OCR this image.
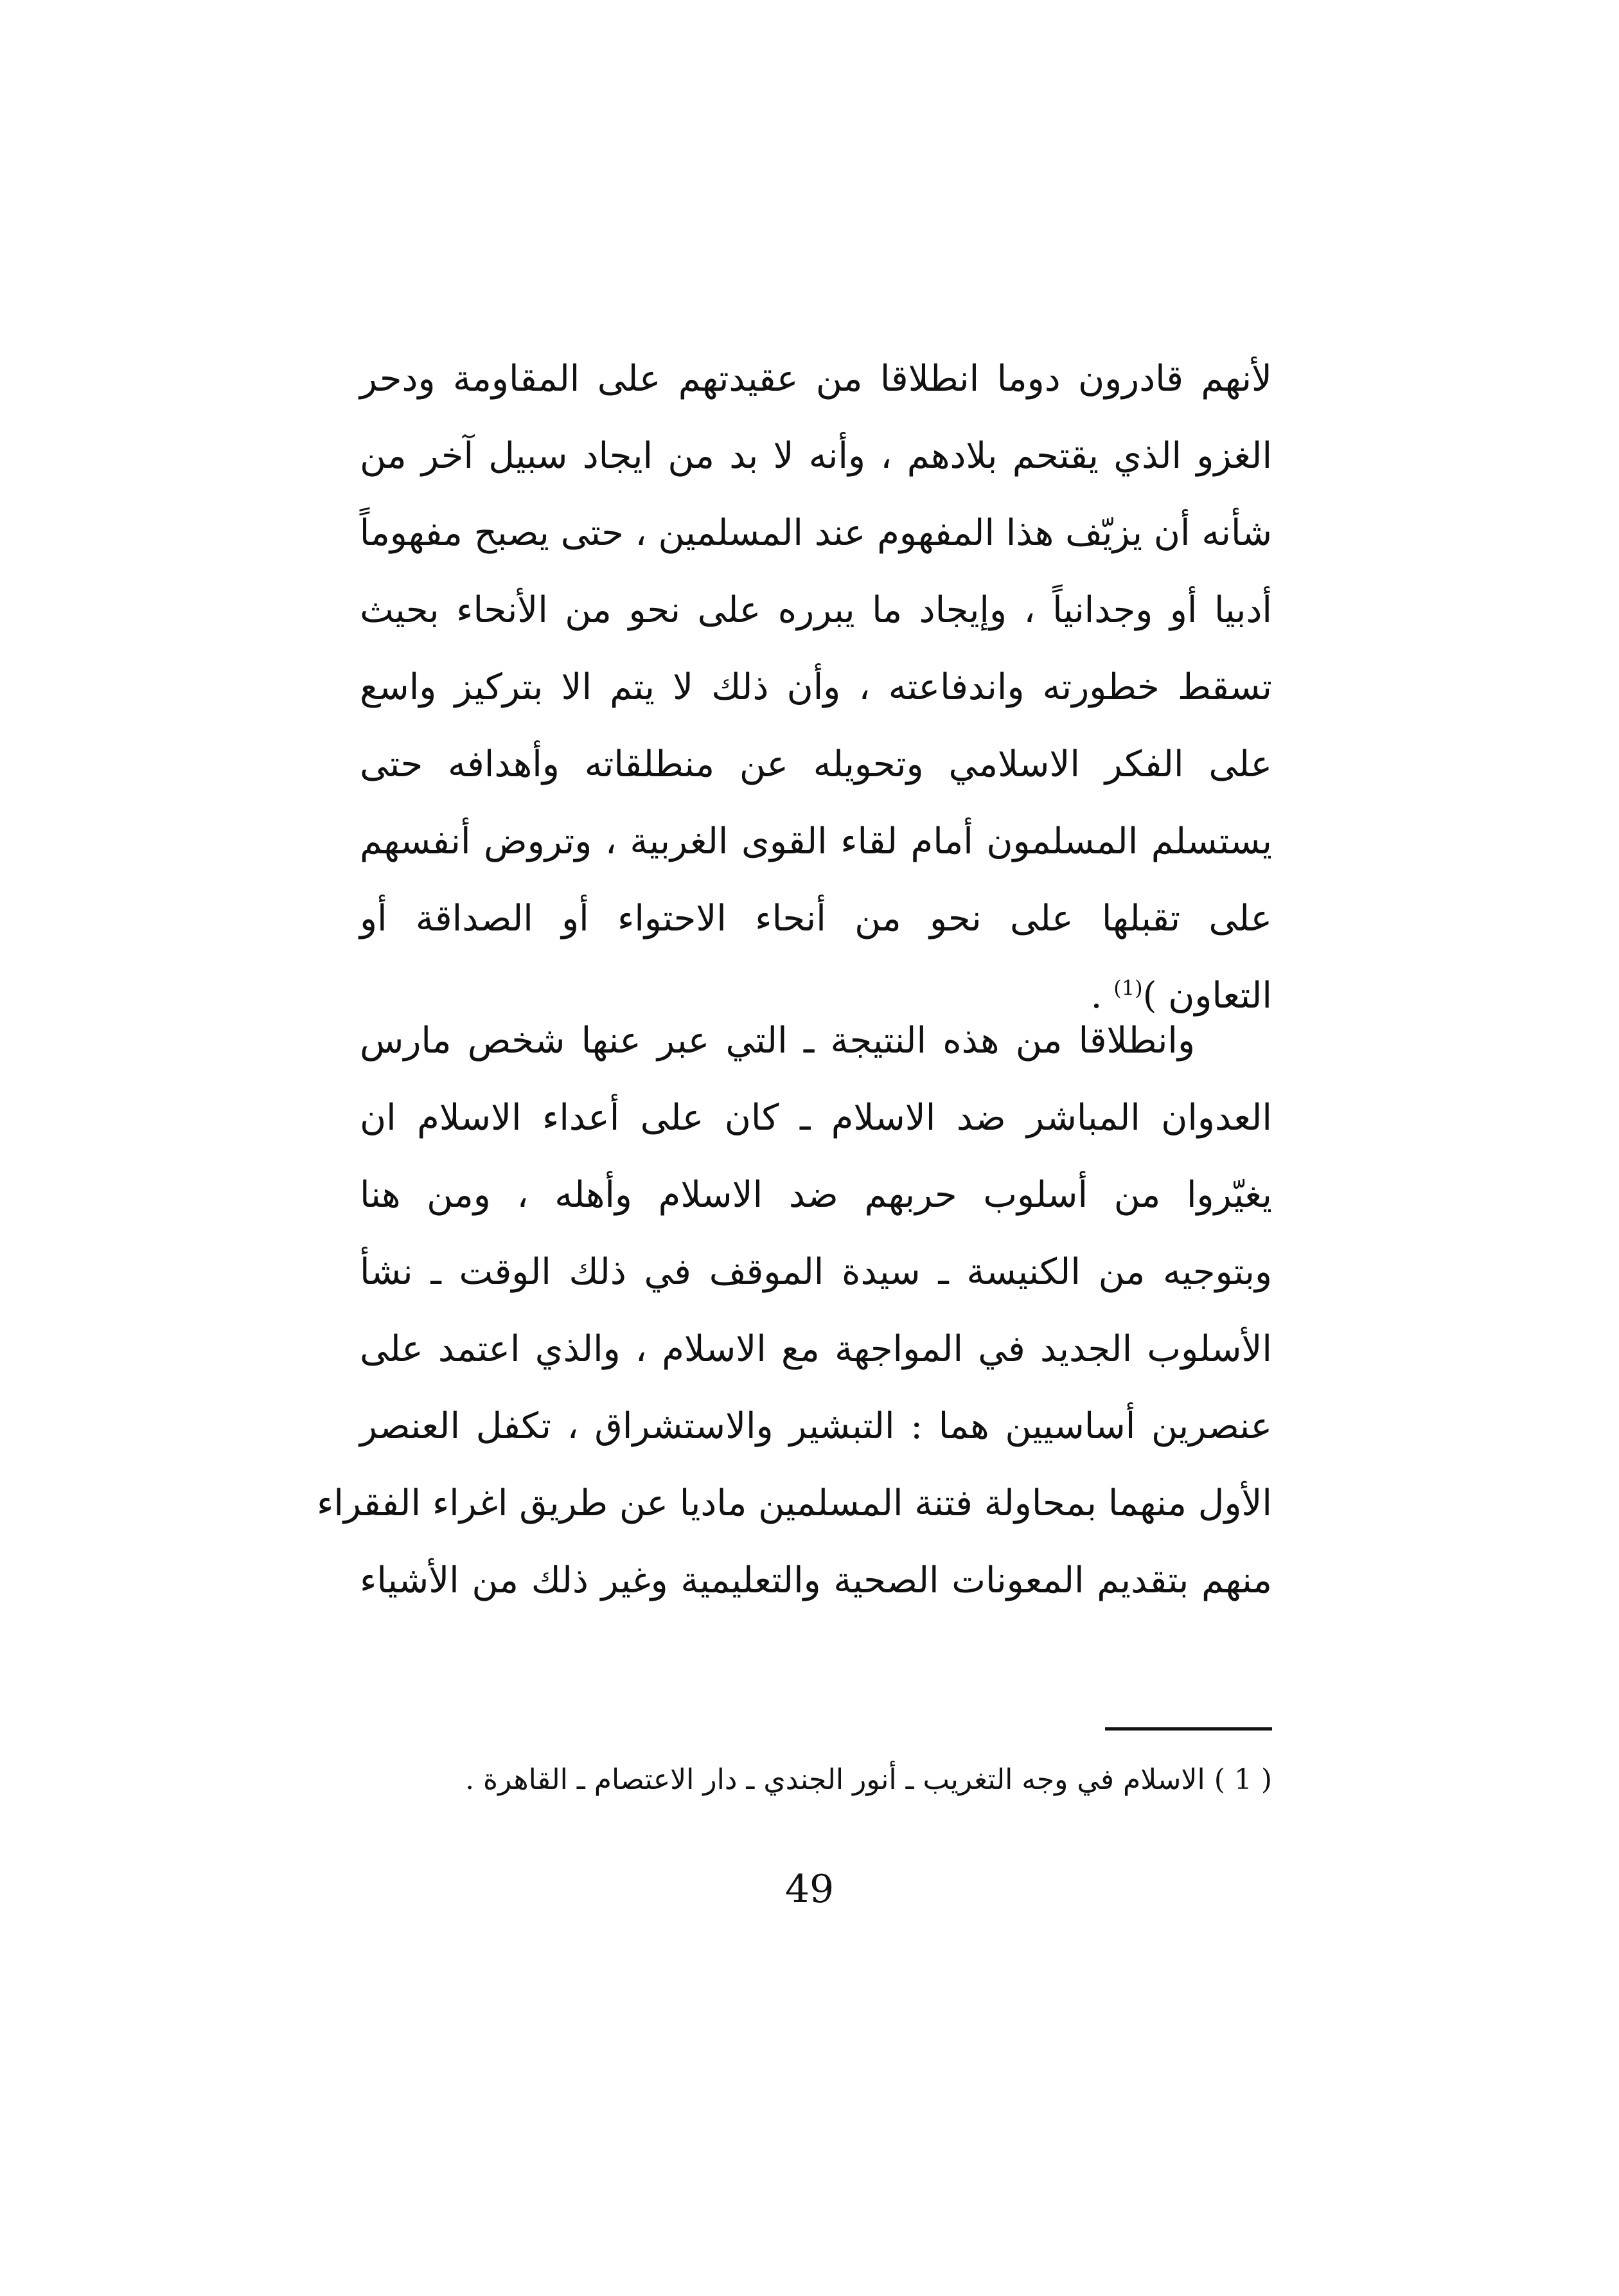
لأنهم قادرون دوما انطلاقا من عقيدتهم على المقاومة ودحر
الغزو الذي يقتحم بلادهم ، وأنه لا بد من ايجاد سبيل آخر من
شأنه أن يزيّف هذا المفهوم عند المسلمين ، حتى يصبح مفهوماً
أدبيا أو وجدانياً ، وإيجاد ما يبرره على نحو من الأنحاء بحيث
تسقط خطورته واندفاعته ، وأن ذلك لا يتم الا بتركيز واسع
على الفكر الاسلامي وتحويله عن منطلقاته وأهدافه حتى
يستسلم المسلمون أمام لقاء القوى الغربية ، وتروض أنفسهم
على تقبلها على نحو من أنحاء الاحتواء أو الصداقة أو
التعاون )$^{(1)}$ .
وانطلاقا من هذه النتيجة ـ التي عبر عنها شخص مارس
العدوان المباشر ضد الاسلام ـ كان على أعداء الاسلام ان
يغيّروا من أسلوب حربهم ضد الاسلام وأهله ، ومن هنا
وبتوجيه من الكنيسة ـ سيدة الموقف في ذلك الوقت ـ نشأ
الأسلوب الجديد في المواجهة مع الاسلام ، والذي اعتمد على
عنصرين أساسيين هما : التبشير والاستشراق ، تكفل العنصر
الأول منهما بمحاولة فتنة المسلمين ماديا عن طريق اغراء الفقراء
منهم بتقديم المعونات الصحية والتعليمية وغير ذلك من الأشياء
( 1 ) الاسلام في وجه التغريب ـ أنور الجندي ـ دار الاعتصام ـ القاهرة .
49
